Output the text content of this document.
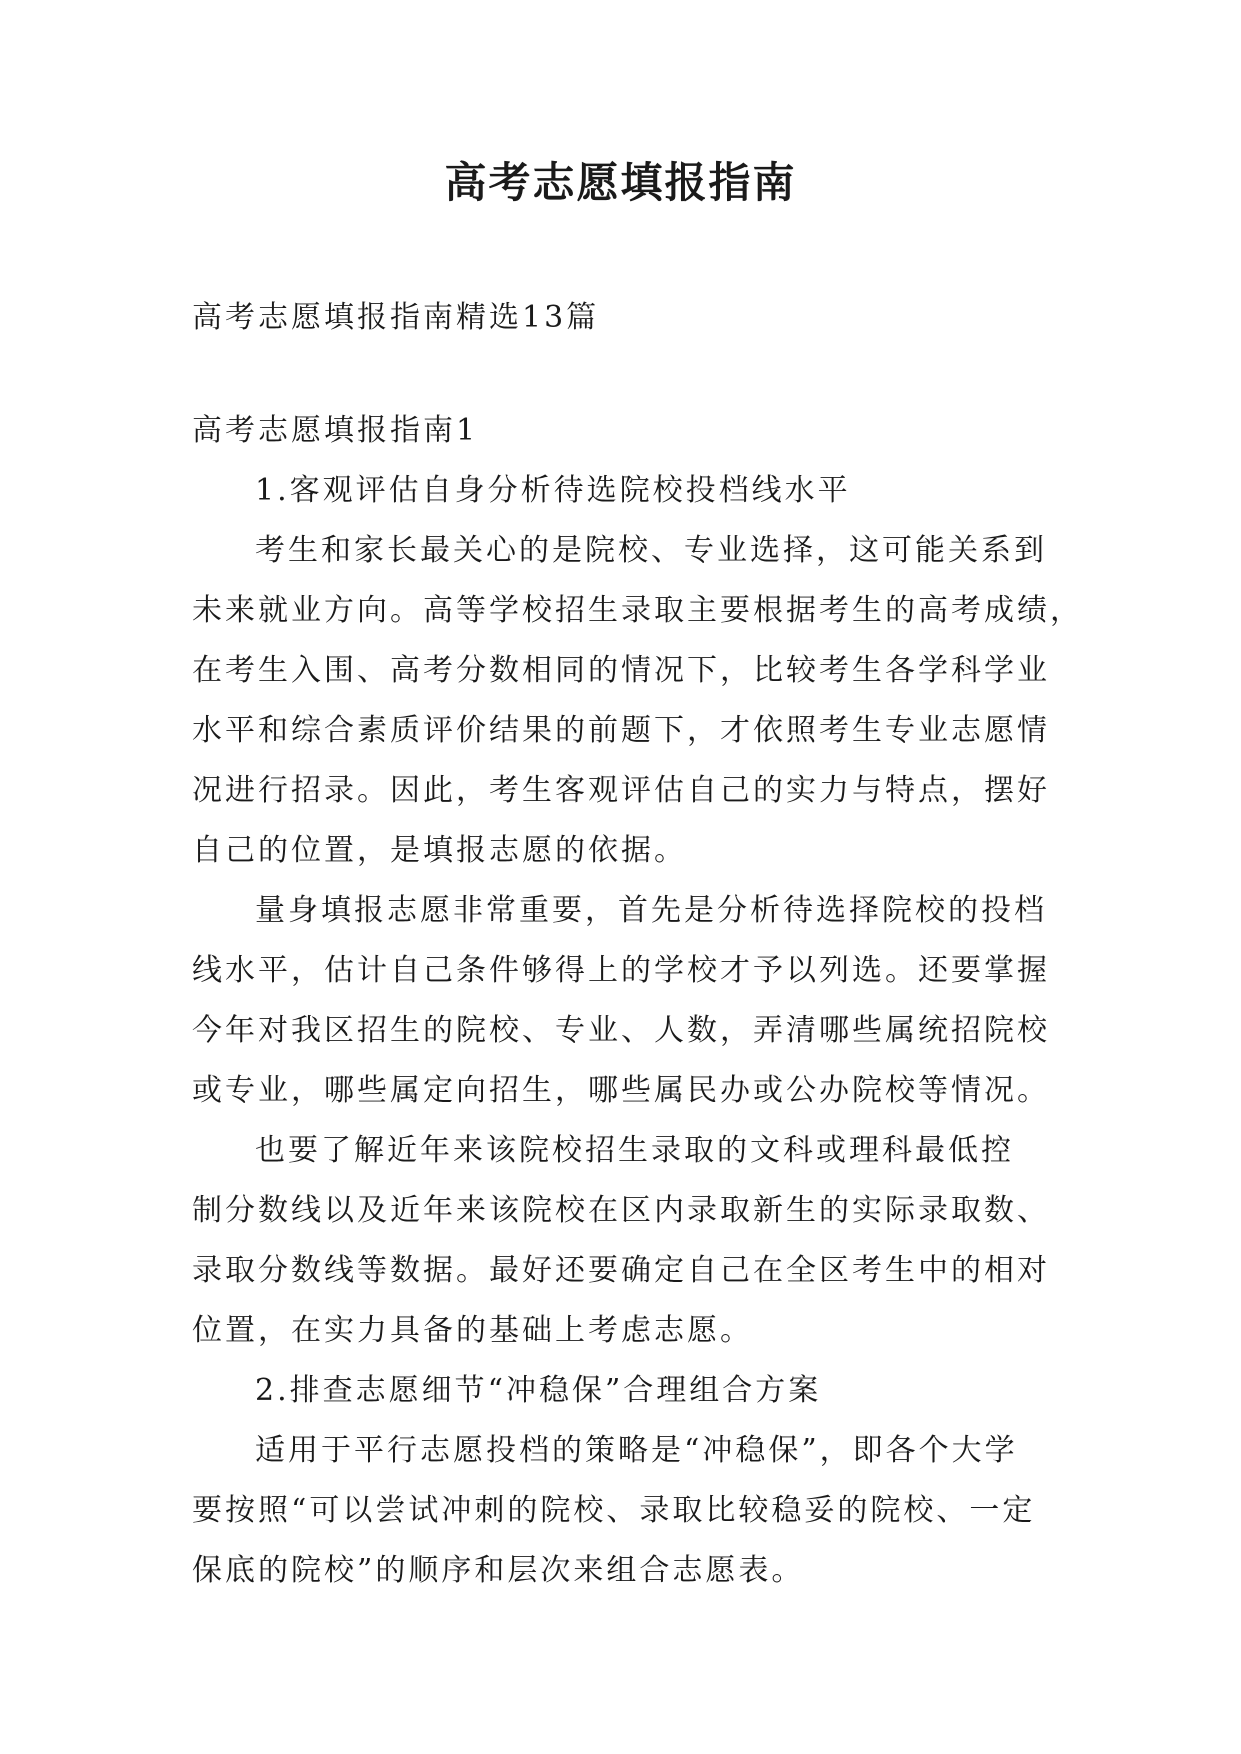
高考志愿填报指南

高考志愿填报指南精选13篇

高考志愿填报指南1

1.客观评估自身分析待选院校投档线水平

考生和家长最关心的是院校、专业选择，这可能关系到

未来就业方向。高等学校招生录取主要根据考生的高考成绩，

在考生入围、高考分数相同的情况下，比较考生各学科学业

水平和综合素质评价结果的前题下，才依照考生专业志愿情

况进行招录。因此，考生客观评估自己的实力与特点，摆好

自己的位置，是填报志愿的依据。

量身填报志愿非常重要，首先是分析待选择院校的投档

线水平，估计自己条件够得上的学校才予以列选。还要掌握

今年对我区招生的院校、专业、人数，弄清哪些属统招院校

或专业，哪些属定向招生，哪些属民办或公办院校等情况。

也要了解近年来该院校招生录取的文科或理科最低控

制分数线以及近年来该院校在区内录取新生的实际录取数、

录取分数线等数据。最好还要确定自己在全区考生中的相对

位置，在实力具备的基础上考虑志愿。

2.排查志愿细节“冲稳保”合理组合方案

适用于平行志愿投档的策略是“冲稳保”，即各个大学

要按照“可以尝试冲刺的院校、录取比较稳妥的院校、一定

保底的院校”的顺序和层次来组合志愿表。
